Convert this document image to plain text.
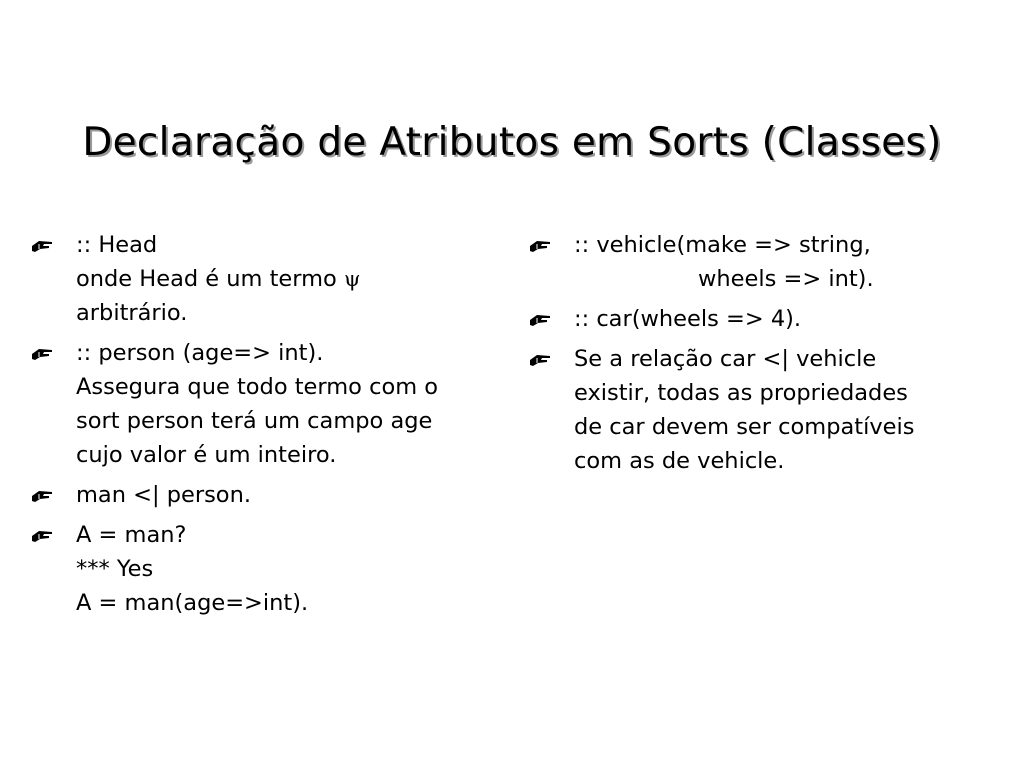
Declaração de Atributos em Sorts (Classes)
:: Head
onde Head é um termo ψ
arbitrário.
:: person (age=> int).
Assegura que todo termo com o
sort person terá um campo age
cujo valor é um inteiro.
man <| person.
A = man?
*** Yes
A = man(age=>int).
:: vehicle(make => string,
wheels => int).
:: car(wheels => 4).
Se a relação car <| vehicle
existir, todas as propriedades
de car devem ser compatíveis
com as de vehicle.
